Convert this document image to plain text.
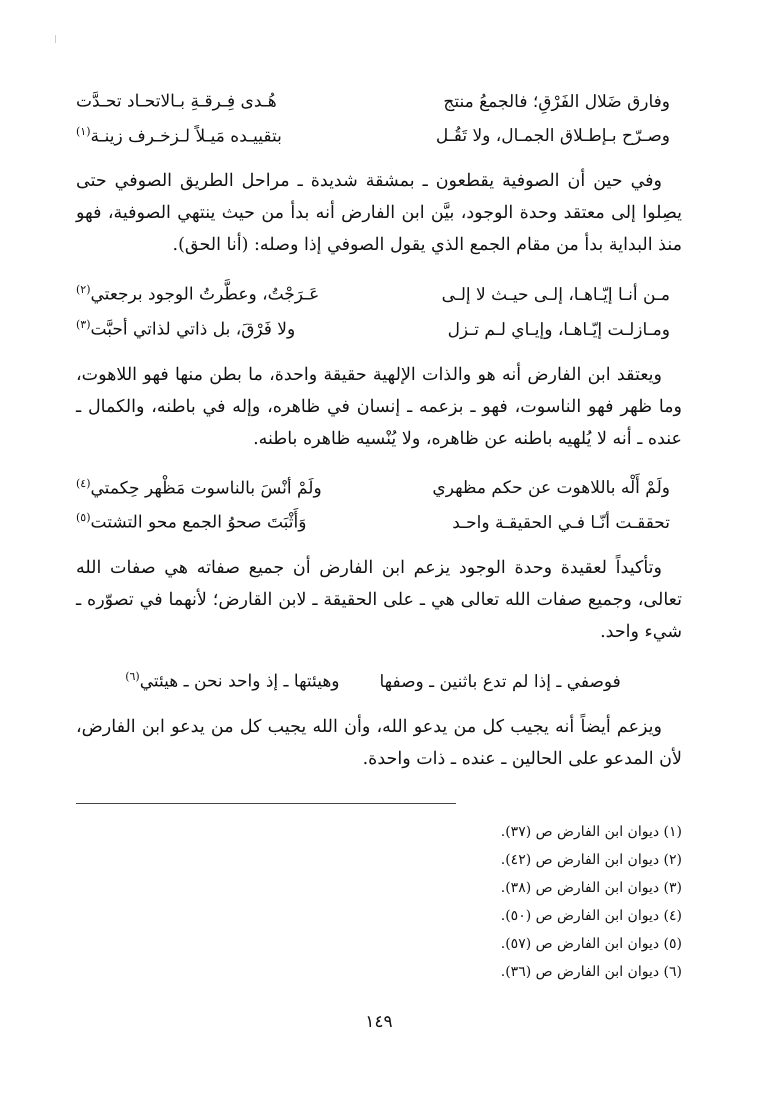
وفارق ضَلال الفَرْقِ؛ فالجمعُ منتج
هُـدى فِـرقـةِ بـالاتحـاد تحـدَّت
وصـرّح بـإطـلاق الجمـال، ولا تَقُـل
بتقييـده مَيـلاً لـزخـرف زينـة$^{(١)}$

وفي حين أن الصوفية يقطعون ـ بمشقة شديدة ـ مراحل الطريق الصوفي حتى يصِلوا إلى معتقد وحدة الوجود، بيَّن ابن الفارض أنه بدأ من حيث ينتهي الصوفية، فهو منذ البداية بدأ من مقام الجمع الذي يقول الصوفي إذا وصله: (أنا الحق).

مـن أنـا إيّـاهـا، إلـى حيـث لا إلـى
عَـرَجْتُ، وعطَّرتُ الوجود برجعتي$^{(٢)}$
ومـازلـت إيّـاهـا، وإيـاي لـم تـزل
ولا فَرْقَ، بل ذاتي لذاتي أحبَّت$^{(٣)}$

ويعتقد ابن الفارض أنه هو والذات الإلهية حقيقة واحدة، ما بطن منها فهو اللاهوت، وما ظهر فهو الناسوت، فهو ـ بزعمه ـ إنسان في ظاهره، وإله في باطنه، والكمال ـ عنده ـ أنه لا يُلهيه باطنه عن ظاهره، ولا يُنْسيه ظاهره باطنه.

ولَمْ أَلْه باللاهوت عن حكم مظهري
ولَمْ أنْسَ بالناسوت مَظْهر حِكمتي$^{(٤)}$
تحققـت أنّـا فـي الحقيقـة واحـد
وَأَثْبَتَ صحوُ الجمع محو التشتت$^{(٥)}$

وتأكيداً لعقيدة وحدة الوجود يزعم ابن الفارض أن جميع صفاته هي صفات الله تعالى، وجميع صفات الله تعالى هي ـ على الحقيقة ـ لابن القارض؛ لأنهما في تصوّره ـ شيء واحد.

فوصفي ـ إذا لم تدع باثنين ـ وصفها
وهيئتها ـ إذ واحد نحن ـ هيئتي$^{(٦)}$

ويزعم أيضاً أنه يجيب كل من يدعو الله، وأن الله يجيب كل من يدعو ابن الفارض، لأن المدعو على الحالين ـ عنده ـ ذات واحدة.

(١) ديوان ابن الفارض ص (٣٧).
(٢) ديوان ابن الفارض ص (٤٢).
(٣) ديوان ابن الفارض ص (٣٨).
(٤) ديوان ابن الفارض ص (٥٠).
(٥) ديوان ابن الفارض ص (٥٧).
(٦) ديوان ابن الفارض ص (٣٦).
١٤٩
